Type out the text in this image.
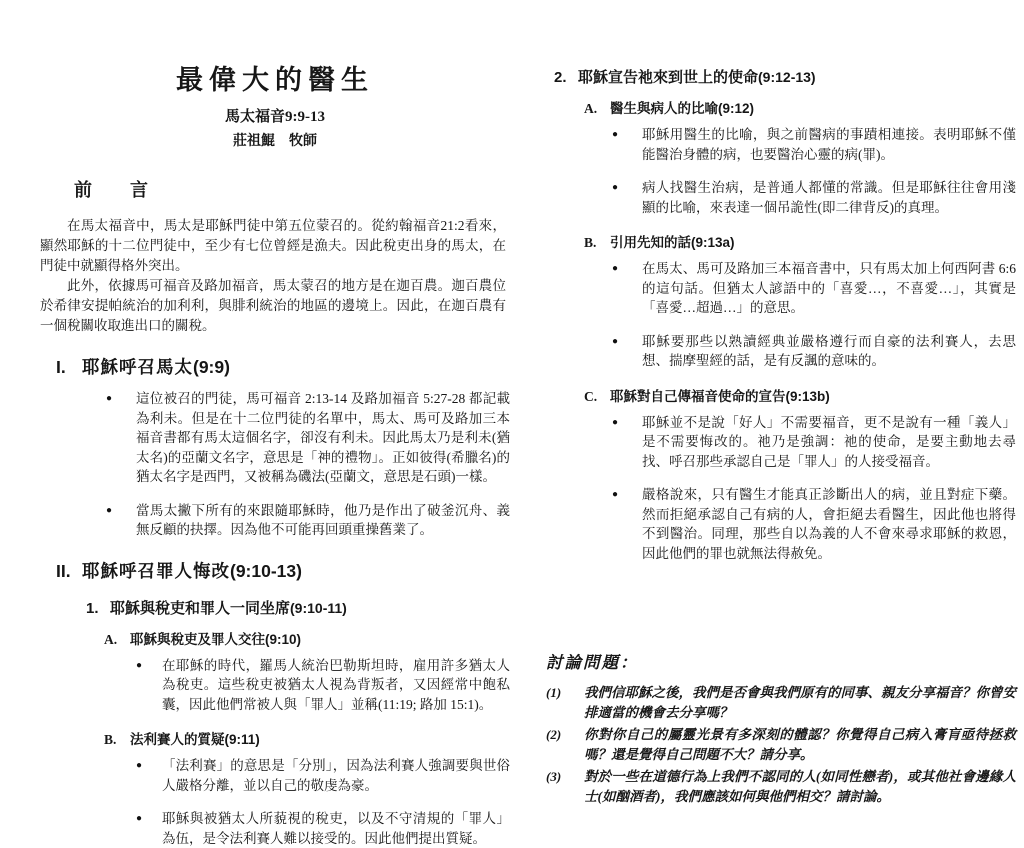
最偉大的醫生
馬太福音9:9-13
莊祖鯤　牧師
前　言

在馬太福音中，馬太是耶穌門徒中第五位蒙召的。從約翰福音21:2看來，顯然耶穌的十二位門徒中，至少有七位曾經是漁夫。因此稅吏出身的馬太，在門徒中就顯得格外突出。

此外，依據馬可福音及路加福音，馬太蒙召的地方是在迦百農。迦百農位於希律安提帕統治的加利利，與腓利統治的地區的邊境上。因此，在迦百農有一個稅關收取進出口的關稅。

I. 耶穌呼召馬太(9:9)
●	這位被召的門徒，馬可福音 2:13-14 及路加福音 5:27-28 都記載為利未。但是在十二位門徒的名單中，馬太、馬可及路加三本福音書都有馬太這個名字，卻沒有利未。因此馬太乃是利未(猶太名)的亞蘭文名字，意思是「神的禮物」。正如彼得(希臘名)的猶太名字是西門，又被稱為磯法(亞蘭文，意思是石頭)一樣。
●	當馬太撇下所有的來跟隨耶穌時，他乃是作出了破釜沉舟、義無反顧的抉擇。因為他不可能再回頭重操舊業了。
II. 耶穌呼召罪人悔改(9:10-13)
1. 耶穌與稅吏和罪人一同坐席(9:10-11)
A. 耶穌與稅吏及罪人交往(9:10)
●	在耶穌的時代，羅馬人統治巴勒斯坦時，雇用許多猶太人為稅吏。這些稅吏被猶太人視為背叛者，又因經常中飽私囊，因此他們常被人與「罪人」並稱(11:19; 路加 15:1)。
B. 法利賽人的質疑(9:11)
●	「法利賽」的意思是「分別」，因為法利賽人強調要與世俗人嚴格分離，並以自己的敬虔為豪。
●	耶穌與被猶太人所藐視的稅吏，以及不守清規的「罪人」為伍，是令法利賽人難以接受的。因此他們提出質疑。
2. 耶穌宣告祂來到世上的使命(9:12-13)
A. 醫生與病人的比喻(9:12)
●	耶穌用醫生的比喻，與之前醫病的事蹟相連接。表明耶穌不僅能醫治身體的病，也要醫治心靈的病(罪)。
●	病人找醫生治病，是普通人都懂的常識。但是耶穌往往會用淺顯的比喻，來表達一個吊詭性(即二律背反)的真理。
B. 引用先知的話(9:13a)
●	在馬太、馬可及路加三本福音書中，只有馬太加上何西阿書 6:6 的這句話。但猶太人諺語中的「喜愛…，不喜愛…」，其實是「喜愛…超過…」的意思。
●	耶穌要那些以熟讀經典並嚴格遵行而自豪的法利賽人，去思想、揣摩聖經的話，是有反諷的意味的。
C. 耶穌對自己傳福音使命的宣告(9:13b)
●	耶穌並不是說「好人」不需要福音，更不是說有一種「義人」是不需要悔改的。祂乃是強調：祂的使命，是要主動地去尋找、呼召那些承認自己是「罪人」的人接受福音。
●	嚴格說來，只有醫生才能真正診斷出人的病，並且對症下藥。然而拒絕承認自己有病的人，會拒絕去看醫生，因此他也將得不到醫治。同理，那些自以為義的人不會來尋求耶穌的救恩，因此他們的罪也就無法得赦免。
討論問題：
(1)	我們信耶穌之後，我們是否會與我們原有的同事、親友分享福音？你曾安排適當的機會去分享嗎？
(2)	你對你自己的屬靈光景有多深刻的體認？你覺得自己病入膏肓亟待拯救嗎？還是覺得自己問題不大？請分享。
(3)	對於一些在道德行為上我們不認同的人(如同性戀者)，或其他社會邊緣人士(如酗酒者)，我們應該如何與他們相交？請討論。
